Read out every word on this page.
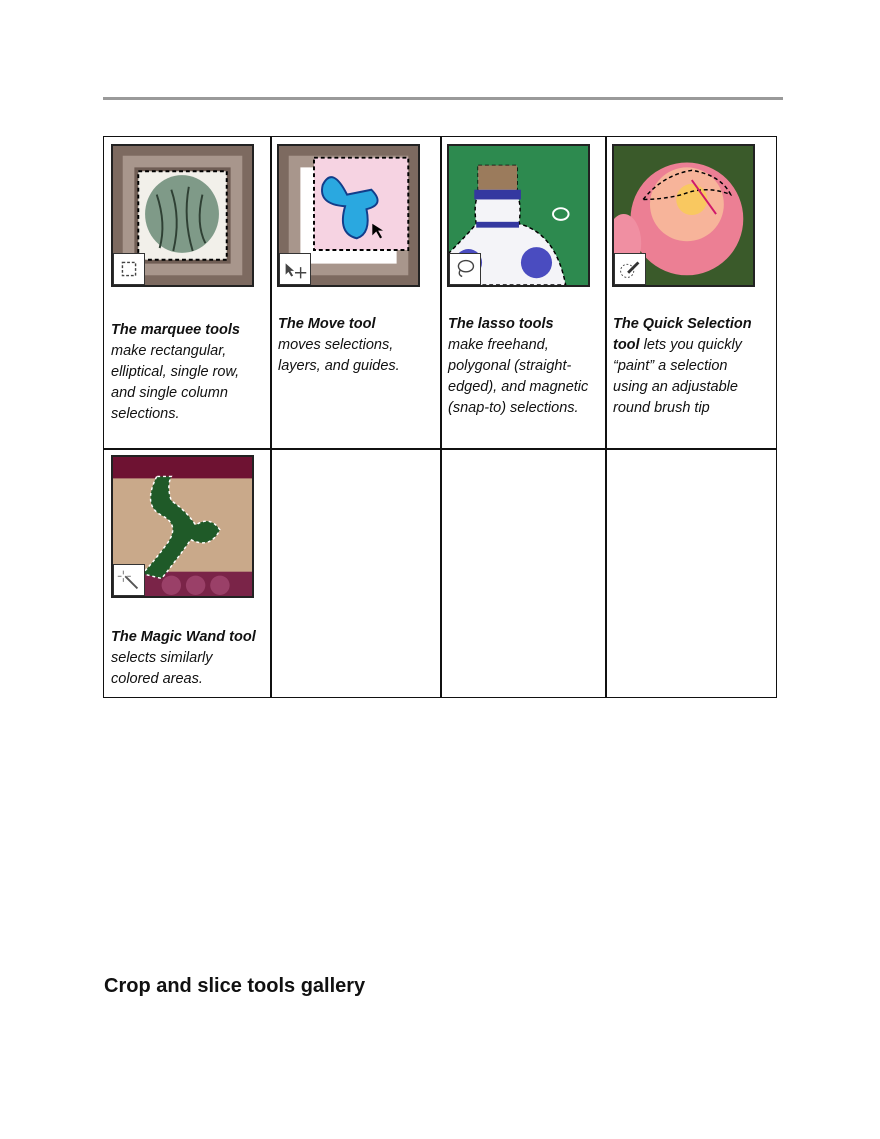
The marquee tools
make rectangular, elliptical, single row, and single column selections.
The Move tool
moves selections, layers, and guides.
The lasso tools
make freehand, polygonal (straight-edged), and magnetic (snap-to) selections.
The Quick Selection tool lets you quickly “paint” a selection using an adjustable round brush tip
The Magic Wand tool selects similarly colored areas.
Crop and slice tools gallery
